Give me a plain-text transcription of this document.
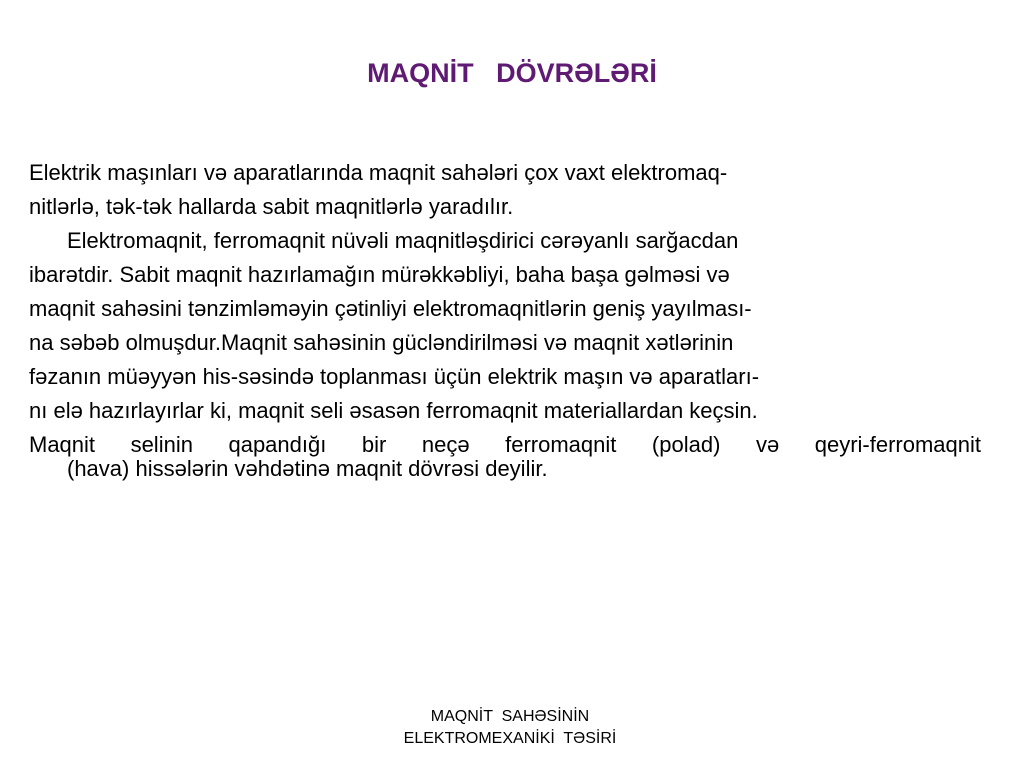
MAQNİT   DÖVRƏLƏRİ
Elektrik maşınları və aparatlarında maqnit sahələri çox vaxt elektromaq-
nitlərlə, tək-tək hallarda sabit maqnitlərlə yaradılır.
Elektromaqnit, ferromaqnit nüvəli maqnitləşdirici cərəyanlı sarğacdan
ibarətdir. Sabit maqnit hazırlamağın mürəkkəbliyi, baha başa gəlməsi və
maqnit sahəsini tənzimləməyin çətinliyi elektromaqnitlərin geniş yayılması-
na səbəb olmuşdur.Maqnit sahəsinin gücləndirilməsi və maqnit xətlərinin
fəzanın müəyyən his-səsində toplanması üçün elektrik maşın və aparatları-
nı elə hazırlayırlar ki, maqnit seli əsasən ferromaqnit materiallardan keçsin.
Maqnit selinin qapandığı bir neçə ferromaqnit (polad) və qeyri-ferromaqnit
(hava) hissələrin vəhdətinə maqnit dövrəsi deyilir.
MAQNİT  SAHƏSİNİN
ELEKTROMEXANİKİ  TƏSİRİ
